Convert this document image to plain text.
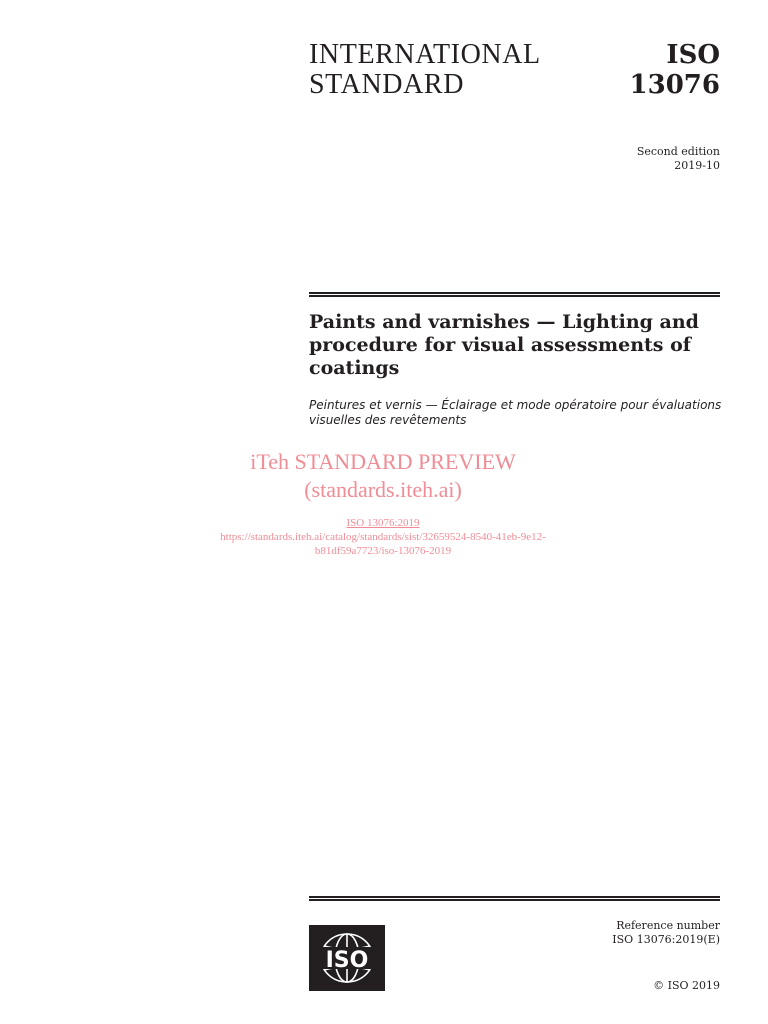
INTERNATIONAL
STANDARD
ISO
13076
Second edition
2019-10
Paints and varnishes — Lighting and procedure for visual assessments of coatings
Peintures et vernis — Éclairage et mode opératoire pour évaluations visuelles des revêtements
iTeh STANDARD PREVIEW
(standards.iteh.ai)
ISO 13076:2019
https://standards.iteh.ai/catalog/standards/sist/32659524-8540-41eb-9e12-
b81df59a7723/iso-13076-2019
ISO
Reference number
ISO 13076:2019(E)
© ISO 2019
